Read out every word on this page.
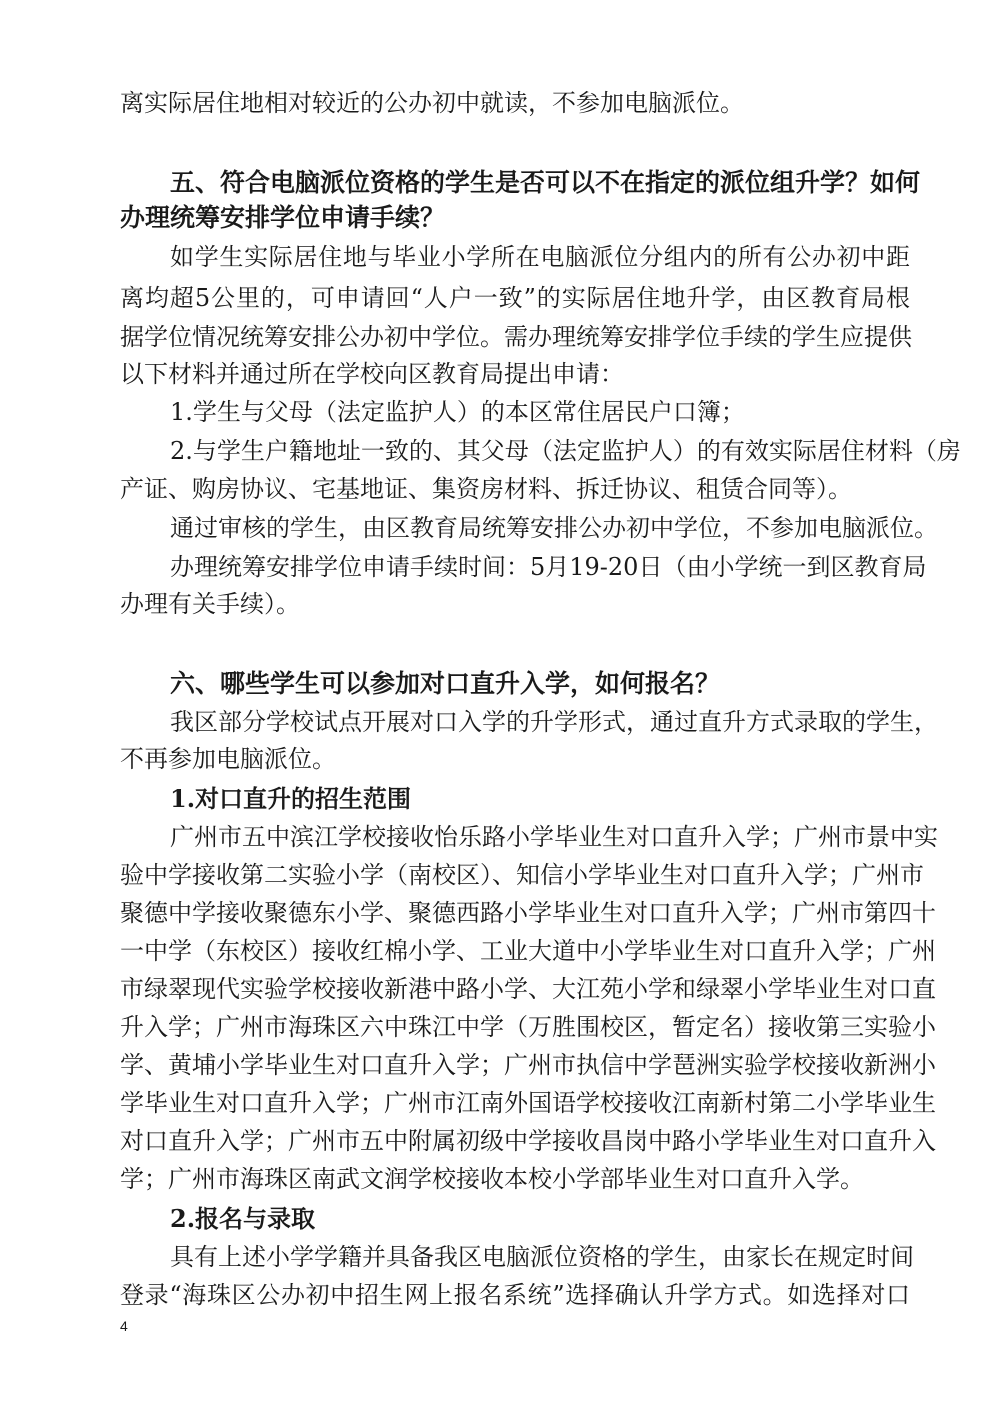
离实际居住地相对较近的公办初中就读，不参加电脑派位。

五、符合电脑派位资格的学生是否可以不在指定的派位组升学？如何

办理统筹安排学位申请手续？

如学生实际居住地与毕业小学所在电脑派位分组内的所有公办初中距

离均超5公里的，可申请回“人户一致”的实际居住地升学，由区教育局根

据学位情况统筹安排公办初中学位。需办理统筹安排学位手续的学生应提供

以下材料并通过所在学校向区教育局提出申请：

1.学生与父母（法定监护人）的本区常住居民户口簿；

2.与学生户籍地址一致的、其父母（法定监护人）的有效实际居住材料（房

产证、购房协议、宅基地证、集资房材料、拆迁协议、租赁合同等）。

通过审核的学生，由区教育局统筹安排公办初中学位，不参加电脑派位。

办理统筹安排学位申请手续时间：5月19-20日（由小学统一到区教育局

办理有关手续）。

六、哪些学生可以参加对口直升入学，如何报名？

我区部分学校试点开展对口入学的升学形式，通过直升方式录取的学生，

不再参加电脑派位。

1.对口直升的招生范围

广州市五中滨江学校接收怡乐路小学毕业生对口直升入学；广州市景中实

验中学接收第二实验小学（南校区）、知信小学毕业生对口直升入学；广州市

聚德中学接收聚德东小学、聚德西路小学毕业生对口直升入学；广州市第四十

一中学（东校区）接收红棉小学、工业大道中小学毕业生对口直升入学；广州

市绿翠现代实验学校接收新港中路小学、大江苑小学和绿翠小学毕业生对口直

升入学；广州市海珠区六中珠江中学（万胜围校区，暂定名）接收第三实验小

学、黄埔小学毕业生对口直升入学；广州市执信中学琶洲实验学校接收新洲小

学毕业生对口直升入学；广州市江南外国语学校接收江南新村第二小学毕业生

对口直升入学；广州市五中附属初级中学接收昌岗中路小学毕业生对口直升入

学；广州市海珠区南武文润学校接收本校小学部毕业生对口直升入学。

2.报名与录取

具有上述小学学籍并具备我区电脑派位资格的学生，由家长在规定时间

登录“海珠区公办初中招生网上报名系统”选择确认升学方式。如选择对口

4
